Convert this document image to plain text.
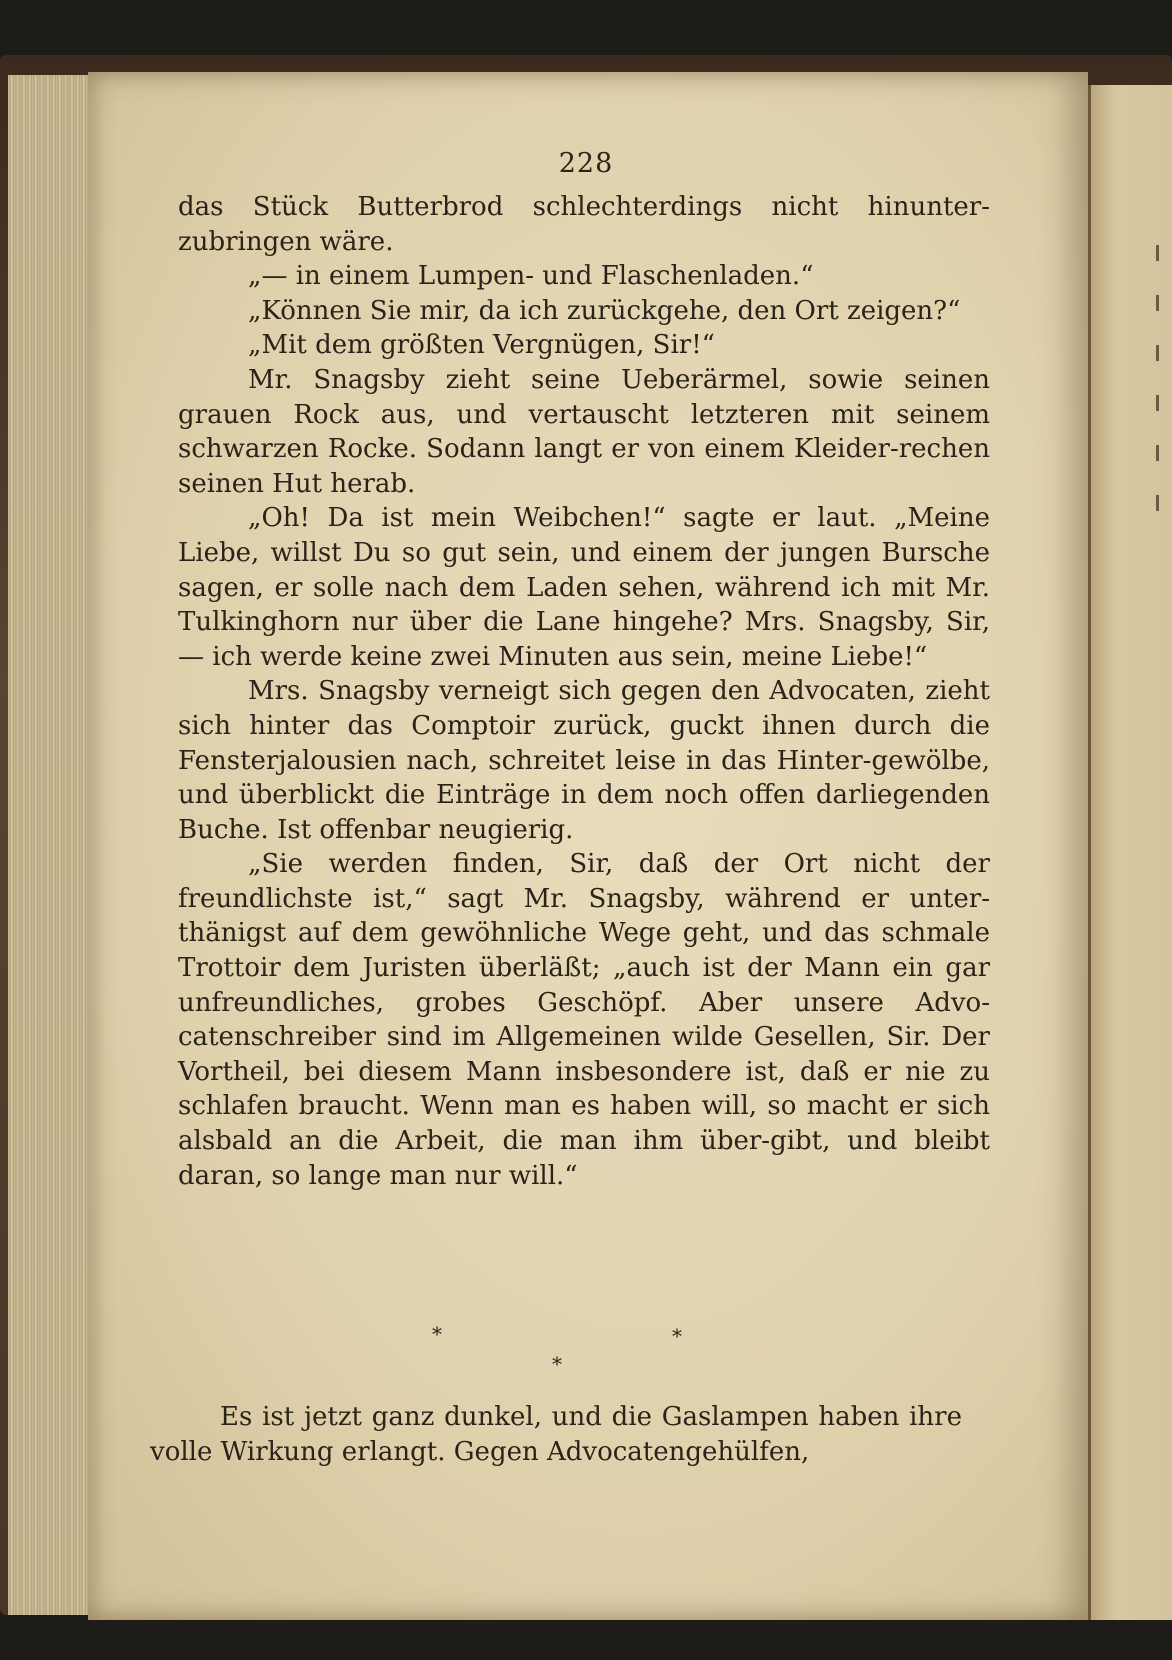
228

das Stück Butterbrod schlechterdings nicht hinunter-zubringen wäre.

„— in einem Lumpen- und Flaschenladen.“

„Können Sie mir, da ich zurückgehe, den Ort zeigen?“

„Mit dem größten Vergnügen, Sir!“

Mr. Snagsby zieht seine Ueberärmel, sowie seinen grauen Rock aus, und vertauscht letzteren mit seinem schwarzen Rocke. Sodann langt er von einem Kleider-rechen seinen Hut herab.

„Oh! Da ist mein Weibchen!“ sagte er laut. „Meine Liebe, willst Du so gut sein, und einem der jungen Bursche sagen, er solle nach dem Laden sehen, während ich mit Mr. Tulkinghorn nur über die Lane hingehe? Mrs. Snagsby, Sir, — ich werde keine zwei Minuten aus sein, meine Liebe!“

Mrs. Snagsby verneigt sich gegen den Advocaten, zieht sich hinter das Comptoir zurück, guckt ihnen durch die Fensterjalousien nach, schreitet leise in das Hinter-gewölbe, und überblickt die Einträge in dem noch offen darliegenden Buche. Ist offenbar neugierig.

„Sie werden finden, Sir, daß der Ort nicht der freundlichste ist,“ sagt Mr. Snagsby, während er unter-thänigst auf dem gewöhnliche Wege geht, und das schmale Trottoir dem Juristen überläßt; „auch ist der Mann ein gar unfreundliches, grobes Geschöpf. Aber unsere Advo-catenschreiber sind im Allgemeinen wilde Gesellen, Sir. Der Vortheil, bei diesem Mann insbesondere ist, daß er nie zu schlafen braucht. Wenn man es haben will, so macht er sich alsbald an die Arbeit, die man ihm über-gibt, und bleibt daran, so lange man nur will.“

*	*
*

Es ist jetzt ganz dunkel, und die Gaslampen haben ihre volle Wirkung erlangt. Gegen Advocatengehülfen,
